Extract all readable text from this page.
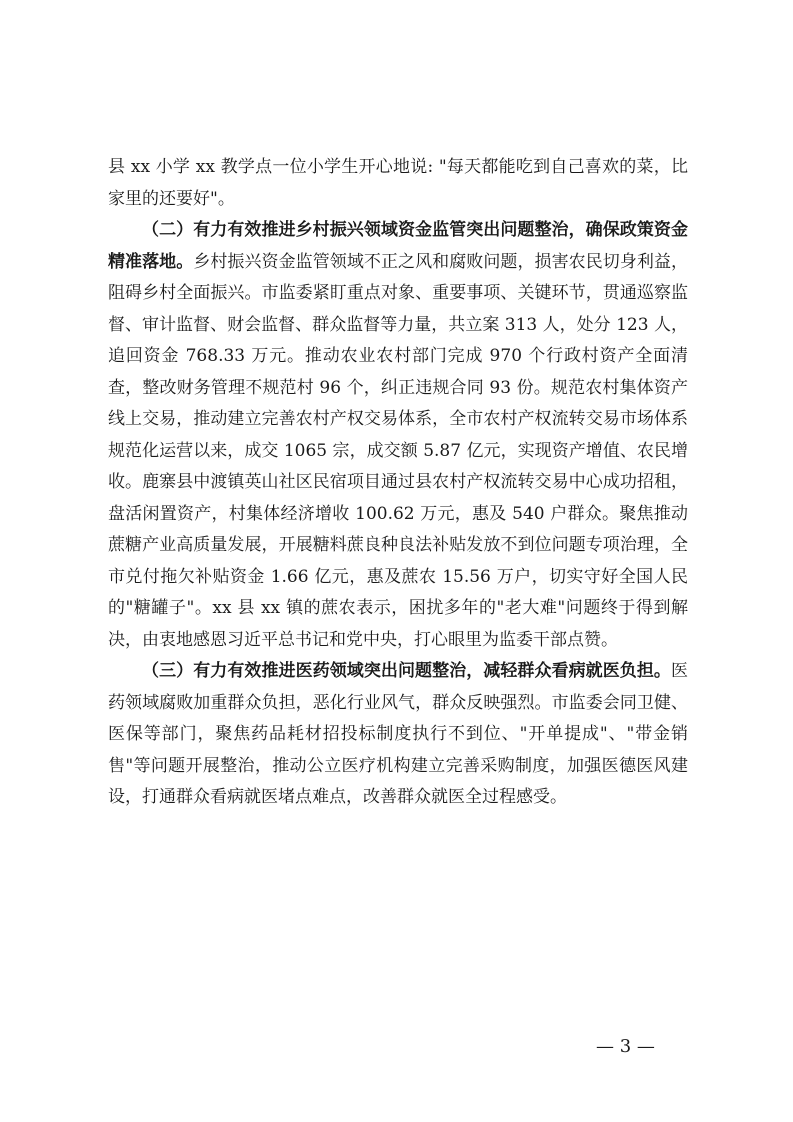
县 xx 小学 xx 教学点一位小学生开心地说: "每天都能吃到自己喜欢的菜，比家里的还要好"。

（二）有力有效推进乡村振兴领域资金监管突出问题整治，确保政策资金精准落地。乡村振兴资金监管领域不正之风和腐败问题，损害农民切身利益，阻碍乡村全面振兴。市监委紧盯重点对象、重要事项、关键环节，贯通巡察监督、审计监督、财会监督、群众监督等力量，共立案 313 人，处分 123 人，追回资金 768.33 万元。推动农业农村部门完成 970 个行政村资产全面清查，整改财务管理不规范村 96 个，纠正违规合同 93 份。规范农村集体资产线上交易，推动建立完善农村产权交易体系，全市农村产权流转交易市场体系规范化运营以来，成交 1065 宗，成交额 5.87 亿元，实现资产增值、农民增收。鹿寨县中渡镇英山社区民宿项目通过县农村产权流转交易中心成功招租，盘活闲置资产，村集体经济增收 100.62 万元，惠及 540 户群众。聚焦推动蔗糖产业高质量发展，开展糖料蔗良种良法补贴发放不到位问题专项治理，全市兑付拖欠补贴资金 1.66 亿元，惠及蔗农 15.56 万户，切实守好全国人民的"糖罐子"。xx 县 xx 镇的蔗农表示，困扰多年的"老大难"问题终于得到解决，由衷地感恩习近平总书记和党中央，打心眼里为监委干部点赞。

（三）有力有效推进医药领域突出问题整治，减轻群众看病就医负担。医药领域腐败加重群众负担，恶化行业风气，群众反映强烈。市监委会同卫健、医保等部门，聚焦药品耗材招投标制度执行不到位、"开单提成"、"带金销售"等问题开展整治，推动公立医疗机构建立完善采购制度，加强医德医风建设，打通群众看病就医堵点难点，改善群众就医全过程感受。

— 3 —
